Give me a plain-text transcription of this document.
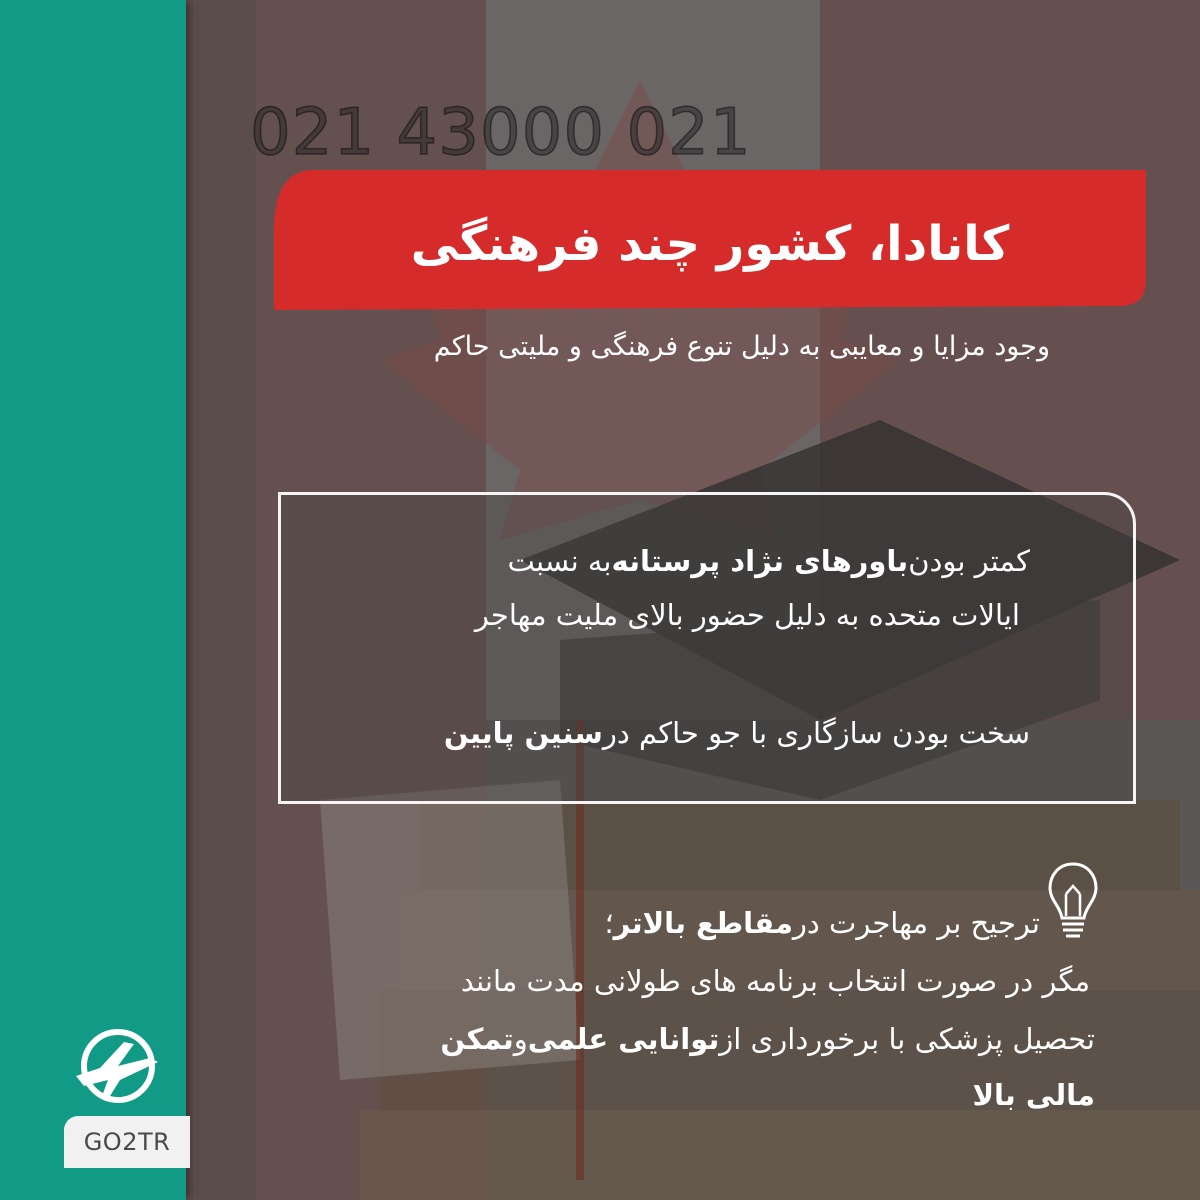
GO2TR
021 43000 021
کانادا، کشور چند فرهنگی
وجود مزایا و معایبی به دلیل تنوع فرهنگی و ملیتی حاکم
کمتر بودن
باورهای نژاد پرستانه
به نسبت
ایالات متحده به دلیل حضور بالای ملیت مهاجر
سخت بودن سازگاری با جو حاکم در
سنین پایین
ترجیح بر مهاجرت در
مقاطع بالاتر
؛
مگر در صورت انتخاب برنامه های طولانی مدت مانند
تحصیل پزشکی با برخورداری از
توانایی علمی
و
تمکن
مالی بالا
